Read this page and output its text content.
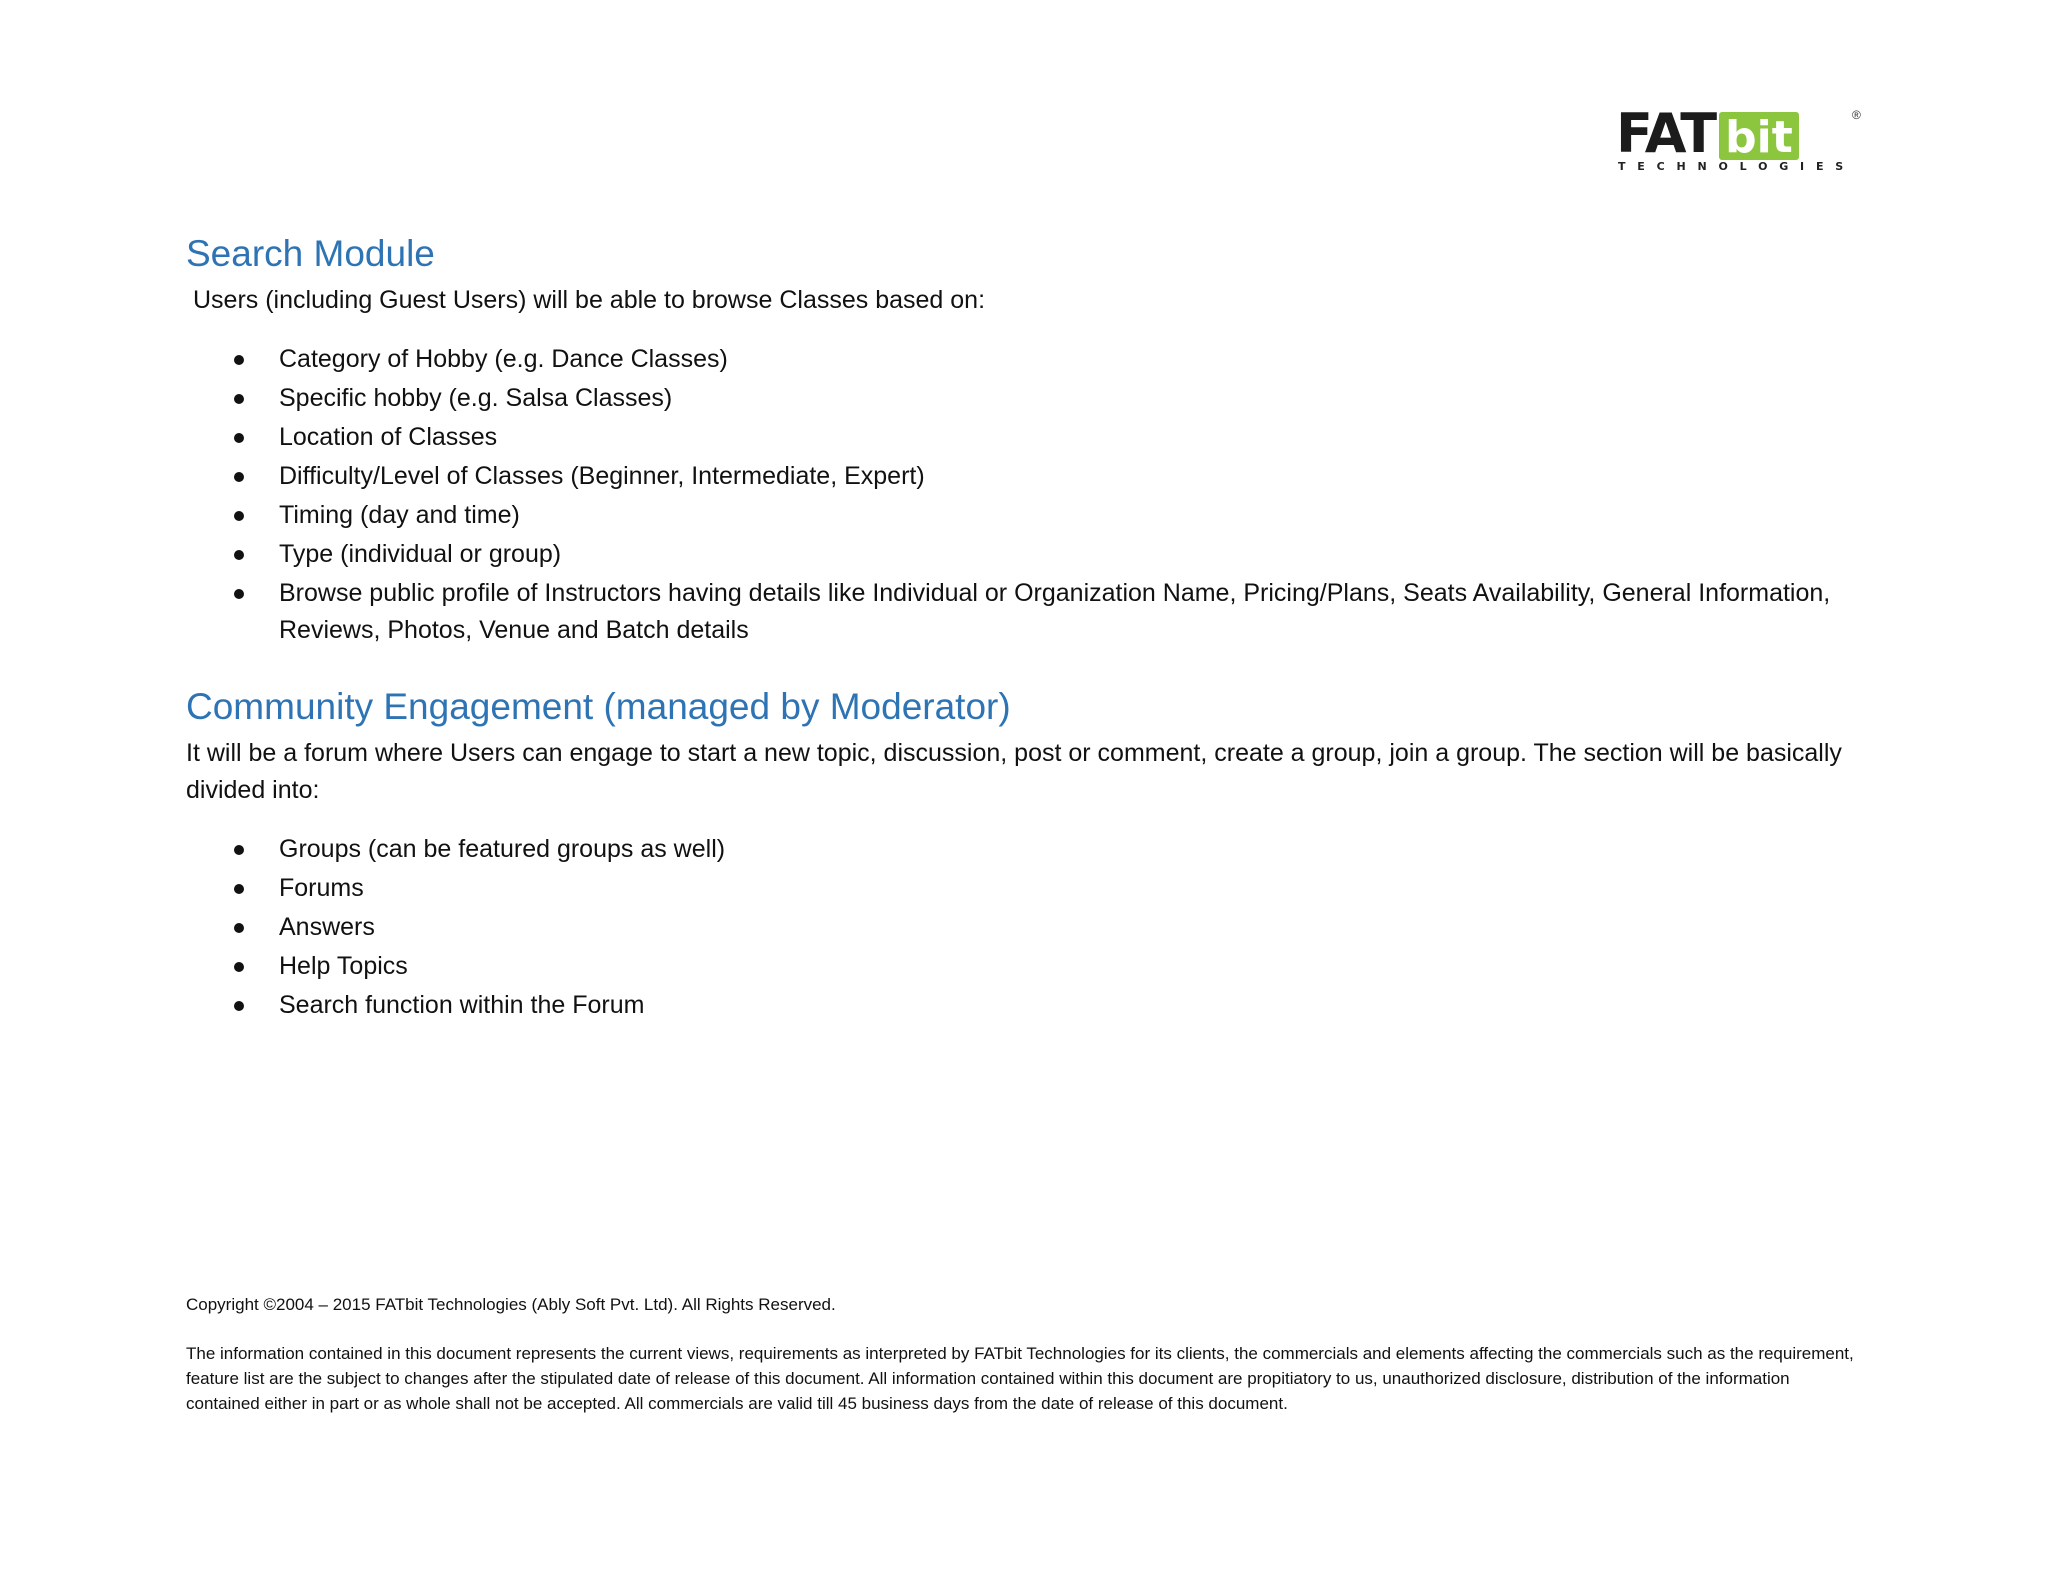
FAT bit	®
TECHNOLOGIES
Search Module

Users (including Guest Users) will be able to browse Classes based on:

Category of Hobby (e.g. Dance Classes)
Specific hobby (e.g. Salsa Classes)
Location of Classes
Difficulty/Level of Classes (Beginner, Intermediate, Expert)
Timing (day and time)
Type (individual or group)
Browse public profile of Instructors having details like Individual or Organization Name, Pricing/Plans, Seats Availability, General Information, Reviews, Photos, Venue and Batch details
Community Engagement (managed by Moderator)

It will be a forum where Users can engage to start a new topic, discussion, post or comment, create a group, join a group. The section will be basically divided into:

Groups (can be featured groups as well)
Forums
Answers
Help Topics
Search function within the Forum

Copyright ©2004 – 2015 FATbit Technologies (Ably Soft Pvt. Ltd). All Rights Reserved.

The information contained in this document represents the current views, requirements as interpreted by FATbit Technologies for its clients, the commercials and elements affecting the commercials such as the requirement, feature list are the subject to changes after the stipulated date of release of this document. All information contained within this document are propitiatory to us, unauthorized disclosure, distribution of the information contained either in part or as whole shall not be accepted. All commercials are valid till 45 business days from the date of release of this document.
